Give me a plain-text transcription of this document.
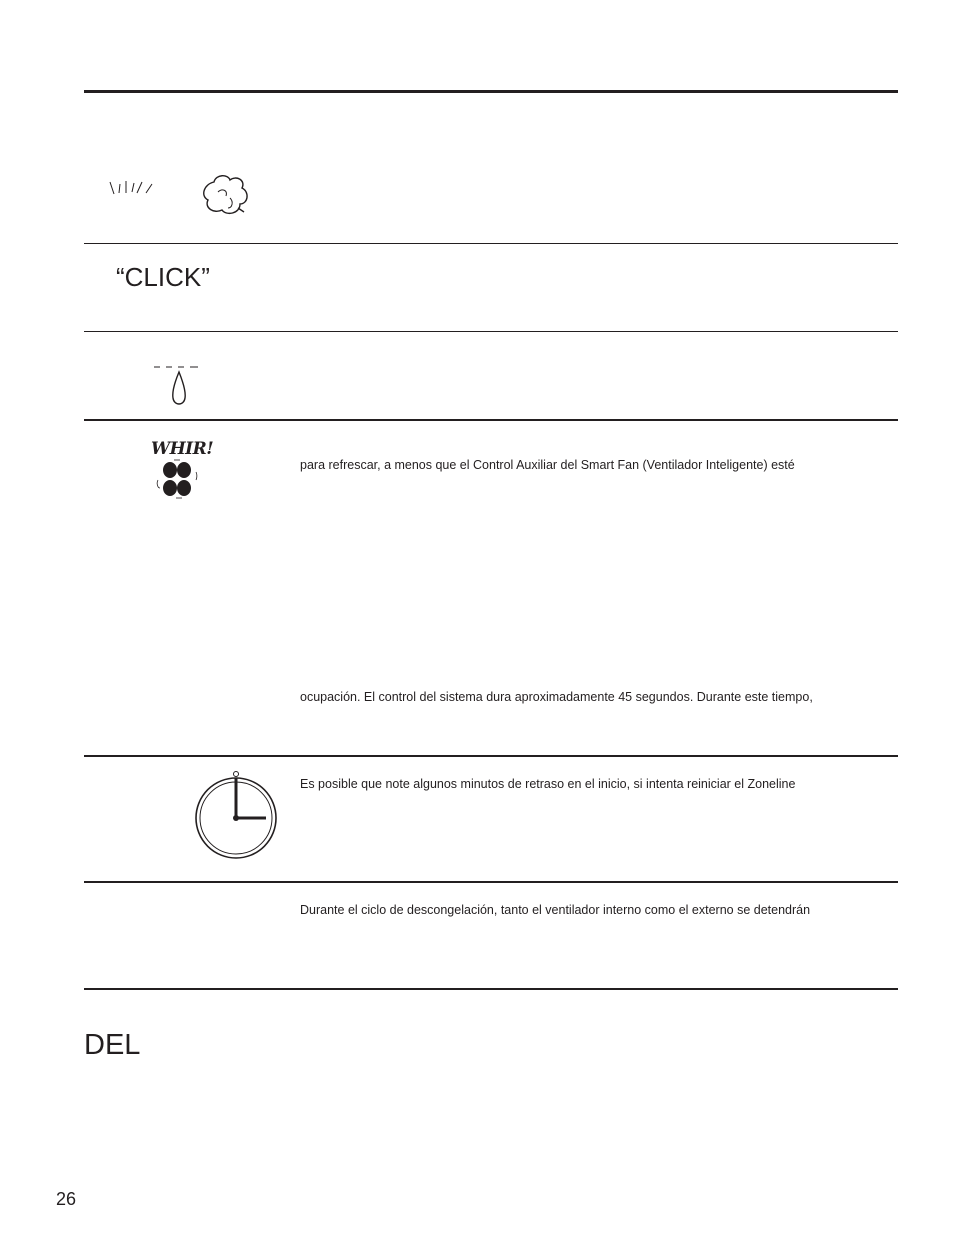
“CLICK”
WHIR!
para refrescar, a menos que el Control Auxiliar del Smart Fan (Ventilador Inteligente) esté
ocupación. El control del sistema dura aproximadamente 45 segundos. Durante este tiempo,
Es posible que note algunos minutos de retraso en el inicio, si intenta reiniciar el Zoneline
Durante el ciclo de descongelación, tanto el ventilador interno como el externo se detendrán
DEL
26
